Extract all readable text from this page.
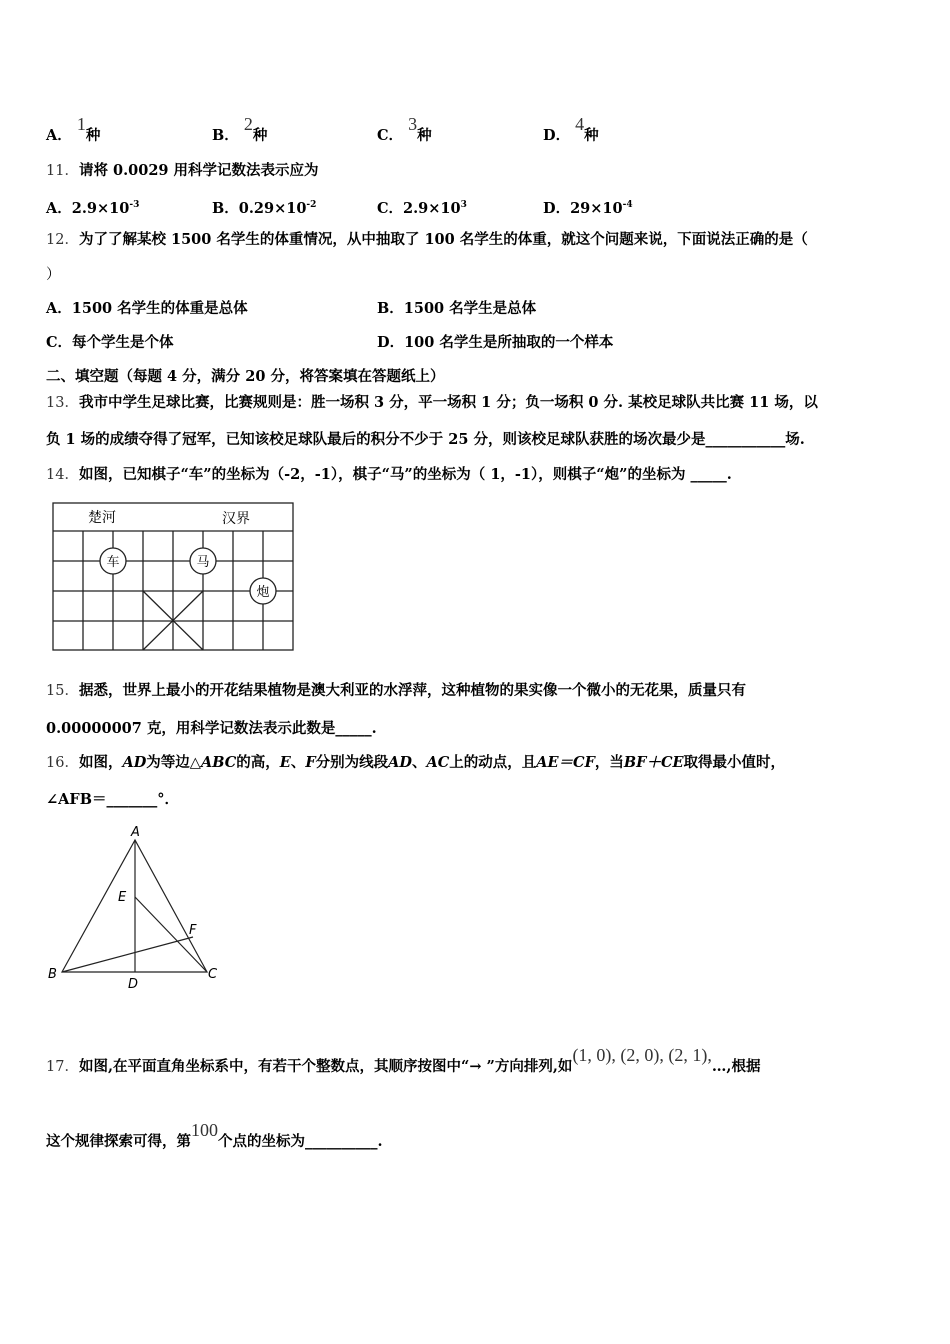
A． 1种	B． 2种	C． 3种	D． 4种
11．请将 0.0029 用科学记数法表示应为
A．$2.9\times 10^{-3}$	B．$0.29\times 10^{-2}$	C．$2.9\times 10^3$	D．$29\times 10^{-4}$
12．为了了解某校 1500 名学生的体重情况，从中抽取了 100 名学生的体重，就这个问题来说，下面说法正确的是（
）
A．1500 名学生的体重是总体	B．1500 名学生是总体
C．每个学生是个体	D．100 名学生是所抽取的一个样本
二、填空题（每题 4 分，满分 20 分，将答案填在答题纸上）
13．我市中学生足球比赛，比赛规则是：胜一场积 3 分，平一场积 1 分；负一场积 0 分. 某校足球队共比赛 11 场，以
负 1 场的成绩夺得了冠军，已知该校足球队最后的积分不少于 25 分，则该校足球队获胜的场次最少是___________场.
14．如图，已知棋子“车”的坐标为（-2，-1），棋子“马”的坐标为（ 1，-1），则棋子“炮”的坐标为 _____.
楚河	汉界
车	马
炮
15．据悉，世界上最小的开花结果植物是澳大利亚的水浮萍，这种植物的果实像一个微小的无花果，质量只有
0.00000007 克，用科学记数法表示此数是_____.
16．如图，AD为等边△ABC的高，E、F分别为线段AD、AC上的动点，且AE＝CF，当BF＋CE取得最小值时，
∠AFB＝_______°．
A
B	C
D
E
F
17．如图,在平面直角坐标系中，有若干个整数点，其顺序按图中“→ ”方向排列,如(1, 0), (2, 0), (2, 1),…,根据
这个规律探索可得，第100个点的坐标为__________.
